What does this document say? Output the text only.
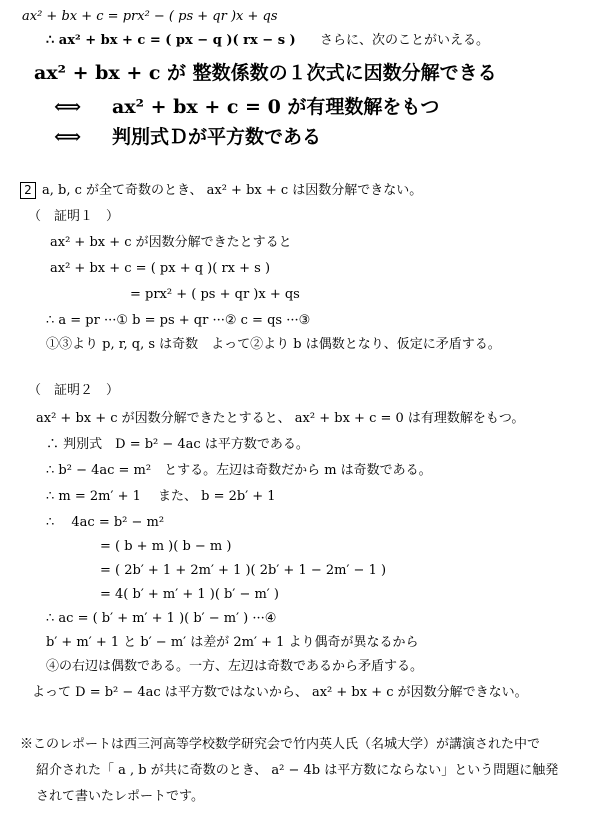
ax² + bx + c = prx² − ( ps + qr )x + qs
∴ ax² + bx + c = ( px − q )( rx − s ) さらに、次のことがいえる。
ax² + bx + c が 整数係数の１次式に因数分解できる
⟺ ax² + bx + c = 0 が有理数解をもつ
⟺ 判別式Ｄが平方数である
2 a, b, c が全て奇数のとき、 ax² + bx + c は因数分解できない。
（　証明１　）
ax² + bx + c が因数分解できたとすると
ax² + bx + c = ( px + q )( rx + s )
= prx² + ( ps + qr )x + qs
∴ a = pr ···① b = ps + qr ···② c = qs ···③
①③より p, r, q, s は奇数　よって②より b は偶数となり、仮定に矛盾する。
（　証明２　）
ax² + bx + c が因数分解できたとすると、 ax² + bx + c = 0 は有理数解をもつ。
∴ 判別式　D = b² − 4ac は平方数である。
∴ b² − 4ac = m²　とする。左辺は奇数だから m は奇数である。
∴ m = 2m′ + 1　 また、 b = 2b′ + 1
∴　 4ac = b² − m²
= ( b + m )( b − m )
= ( 2b′ + 1 + 2m′ + 1 )( 2b′ + 1 − 2m′ − 1 )
= 4( b′ + m′ + 1 )( b′ − m′ )
∴ ac = ( b′ + m′ + 1 )( b′ − m′ ) ···④
b′ + m′ + 1 と b′ − m′ は差が 2m′ + 1 より偶奇が異なるから
④の右辺は偶数である。一方、左辺は奇数であるから矛盾する。
よって D = b² − 4ac は平方数ではないから、 ax² + bx + c が因数分解できない。
※このレポートは西三河高等学校数学研究会で竹内英人氏（名城大学）が講演された中で
紹介された「 a , b が共に奇数のとき、 a² − 4b は平方数にならない」という問題に触発
されて書いたレポートです。
